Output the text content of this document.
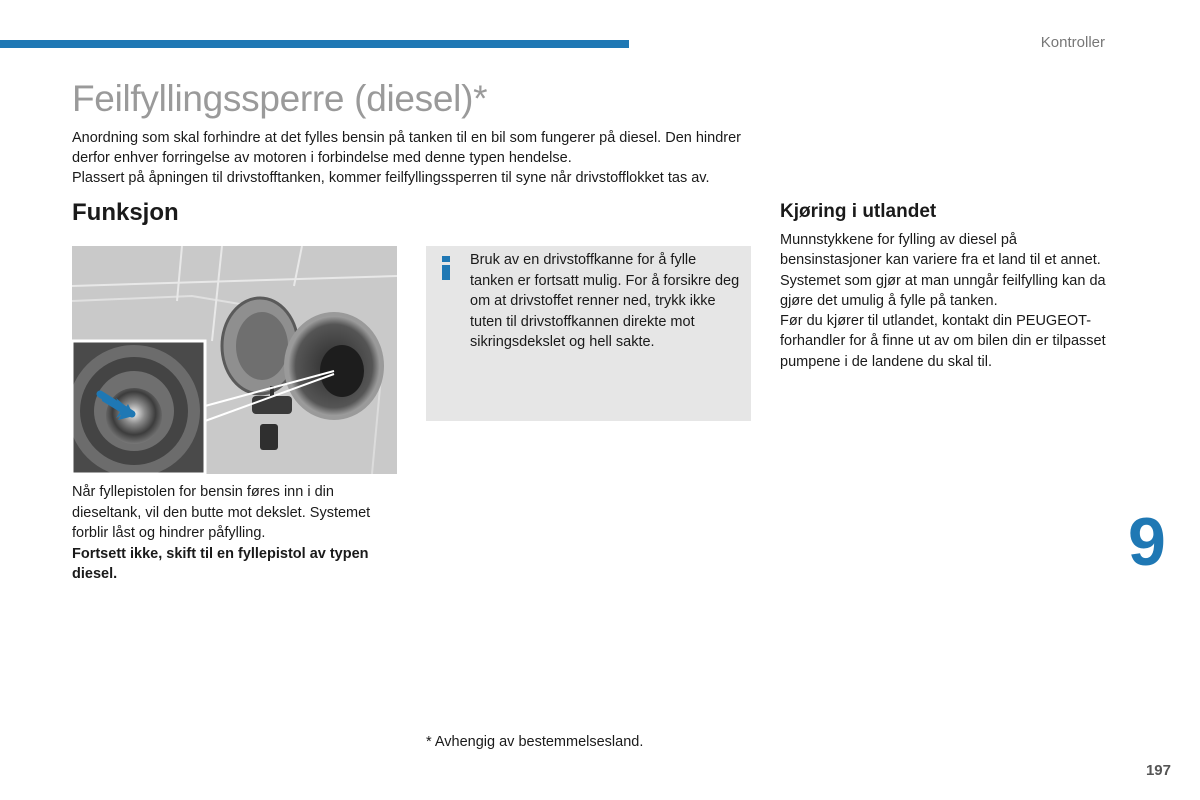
Kontroller
Feilfyllingssperre (diesel)*

Anordning som skal forhindre at det fylles bensin på tanken til en bil som fungerer på diesel. Den hindrer derfor enhver forringelse av motoren i forbindelse med denne typen hendelse.

Plassert på åpningen til drivstofftanken, kommer feilfyllingssperren til syne når drivstofflokket tas av.

Funksjon

Når fyllepistolen for bensin føres inn i din dieseltank, vil den butte mot dekslet. Systemet forblir låst og hindrer påfylling.

Fortsett ikke, skift til en fyllepistol av typen diesel.

Bruk av en drivstoffkanne for å fylle tanken er fortsatt mulig. For å forsikre deg om at drivstoffet renner ned, trykk ikke tuten til drivstoffkannen direkte mot sikringsdekslet og hell sakte.
Kjøring i utlandet

Munnstykkene for fylling av diesel på bensinstasjoner kan variere fra et land til et annet. Systemet som gjør at man unngår feilfylling kan da gjøre det umulig å fylle på tanken.

Før du kjører til utlandet, kontakt din PEUGEOT-forhandler for å finne ut av om bilen din er tilpasset pumpene i de landene du skal til.

9
* Avhengig av bestemmelsesland.
197
